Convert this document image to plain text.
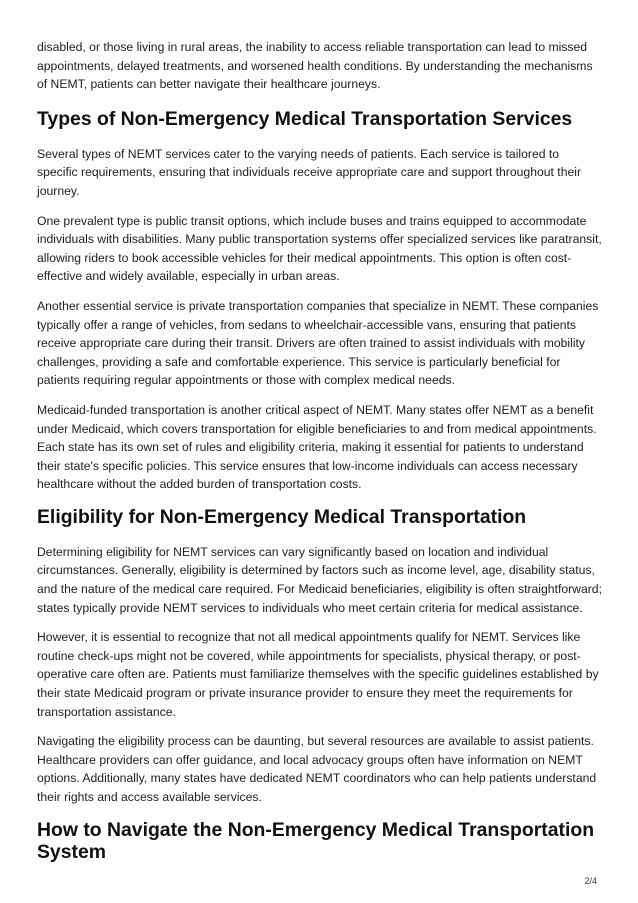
disabled, or those living in rural areas, the inability to access reliable transportation can lead to missed appointments, delayed treatments, and worsened health conditions. By understanding the mechanisms of NEMT, patients can better navigate their healthcare journeys.

Types of Non-Emergency Medical Transportation Services

Several types of NEMT services cater to the varying needs of patients. Each service is tailored to specific requirements, ensuring that individuals receive appropriate care and support throughout their journey.

One prevalent type is public transit options, which include buses and trains equipped to accommodate individuals with disabilities. Many public transportation systems offer specialized services like paratransit, allowing riders to book accessible vehicles for their medical appointments. This option is often cost-effective and widely available, especially in urban areas.

Another essential service is private transportation companies that specialize in NEMT. These companies typically offer a range of vehicles, from sedans to wheelchair-accessible vans, ensuring that patients receive appropriate care during their transit. Drivers are often trained to assist individuals with mobility challenges, providing a safe and comfortable experience. This service is particularly beneficial for patients requiring regular appointments or those with complex medical needs.

Medicaid-funded transportation is another critical aspect of NEMT. Many states offer NEMT as a benefit under Medicaid, which covers transportation for eligible beneficiaries to and from medical appointments. Each state has its own set of rules and eligibility criteria, making it essential for patients to understand their state's specific policies. This service ensures that low-income individuals can access necessary healthcare without the added burden of transportation costs.

Eligibility for Non-Emergency Medical Transportation

Determining eligibility for NEMT services can vary significantly based on location and individual circumstances. Generally, eligibility is determined by factors such as income level, age, disability status, and the nature of the medical care required. For Medicaid beneficiaries, eligibility is often straightforward; states typically provide NEMT services to individuals who meet certain criteria for medical assistance.

However, it is essential to recognize that not all medical appointments qualify for NEMT. Services like routine check-ups might not be covered, while appointments for specialists, physical therapy, or post-operative care often are. Patients must familiarize themselves with the specific guidelines established by their state Medicaid program or private insurance provider to ensure they meet the requirements for transportation assistance.

Navigating the eligibility process can be daunting, but several resources are available to assist patients. Healthcare providers can offer guidance, and local advocacy groups often have information on NEMT options. Additionally, many states have dedicated NEMT coordinators who can help patients understand their rights and access available services.

How to Navigate the Non-Emergency Medical Transportation System
2/4
